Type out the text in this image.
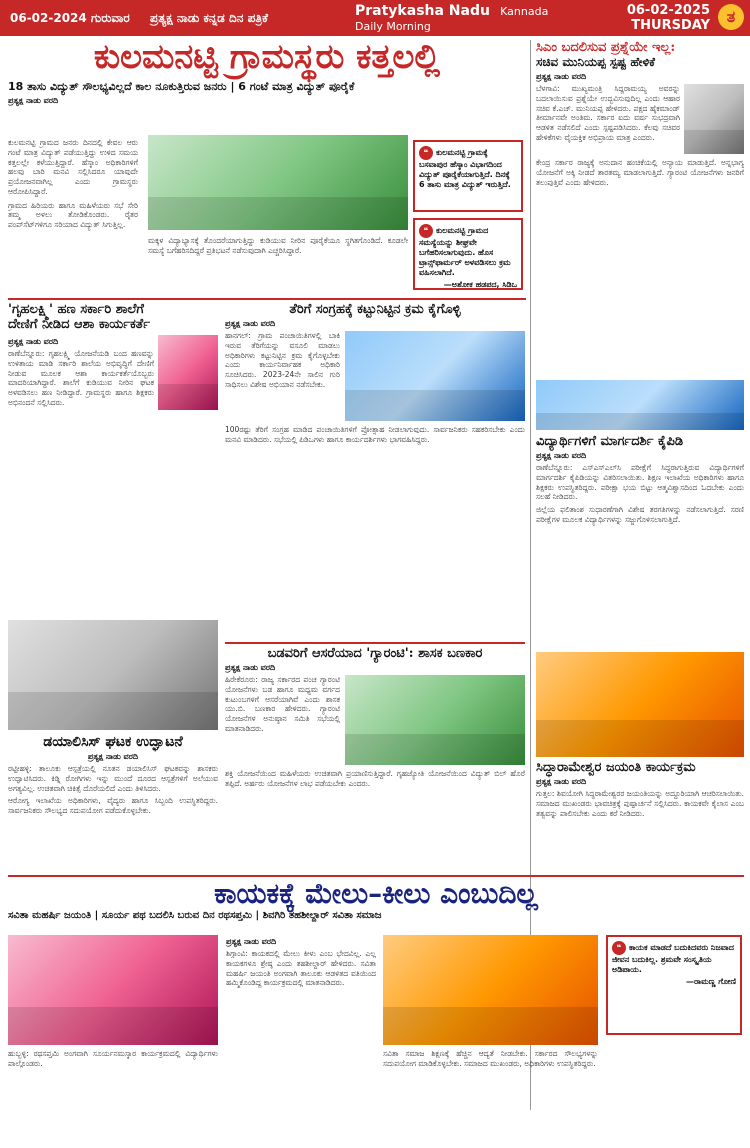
06-02-2024 ಗುರುವಾರ	ಪ್ರತ್ಯಕ್ಷ ನಾಡು ಕನ್ನಡ ದಿನ ಪತ್ರಿಕೆ	Pratykasha Nadu Kannada Daily Morning
06-02-2025 THURSDAY	ತ
ಕುಲಮನಟ್ಟಿ ಗ್ರಾಮಸ್ಥರು ಕತ್ತಲಲ್ಲಿ
18 ತಾಸು ವಿದ್ಯುತ್ ಸೌಲಭ್ಯವಿಲ್ಲದೆ ಕಾಲ ನೂಕುತ್ತಿರುವ ಜನರು | 6 ಗಂಟೆ ಮಾತ್ರ ವಿದ್ಯುತ್ ಪೂರೈಕೆ
ಪ್ರತ್ಯಕ್ಷ ನಾಡು ವರದಿ
ಕುಲಮನಟ್ಟಿ ಗ್ರಾಮದ ಜನರು ದಿನದಲ್ಲಿ ಕೇವಲ ಆರು ಗಂಟೆ ಮಾತ್ರ ವಿದ್ಯುತ್ ಪಡೆಯುತ್ತಿದ್ದು ಉಳಿದ ಸಮಯ ಕತ್ತಲಲ್ಲೇ ಕಳೆಯುತ್ತಿದ್ದಾರೆ. ಹೆಸ್ಕಾಂ ಅಧಿಕಾರಿಗಳಿಗೆ ಹಲವು ಬಾರಿ ಮನವಿ ಸಲ್ಲಿಸಿದರೂ ಯಾವುದೇ ಪ್ರಯೋಜನವಾಗಿಲ್ಲ ಎಂದು ಗ್ರಾಮಸ್ಥರು ಆರೋಪಿಸಿದ್ದಾರೆ.
ಗ್ರಾಮದ ಹಿರಿಯರು ಹಾಗೂ ಮಹಿಳೆಯರು ಸಭೆ ಸೇರಿ ತಮ್ಮ ಅಳಲು ತೋಡಿಕೊಂಡರು. ರೈತರ ಪಂಪ್‌ಸೆಟ್‌ಗಳಿಗೂ ಸರಿಯಾದ ವಿದ್ಯುತ್ ಸಿಗುತ್ತಿಲ್ಲ.
ಮಕ್ಕಳ ವಿದ್ಯಾಭ್ಯಾಸಕ್ಕೆ ತೊಂದರೆಯಾಗುತ್ತಿದ್ದು ಕುಡಿಯುವ ನೀರಿನ ಪೂರೈಕೆಯೂ ಸ್ಥಗಿತಗೊಂಡಿದೆ. ಕೂಡಲೇ ಸಮಸ್ಯೆ ಬಗೆಹರಿಸದಿದ್ದರೆ ಪ್ರತಿಭಟನೆ ನಡೆಸುವುದಾಗಿ ಎಚ್ಚರಿಸಿದ್ದಾರೆ.
❝ ಕುಲಮನಟ್ಟಿ ಗ್ರಾಮಕ್ಕೆ ಬಸವಾಪುರ ಹೆಸ್ಕಾಂ ವಿಭಾಗದಿಂದ ವಿದ್ಯುತ್ ಪೂರೈಕೆಯಾಗುತ್ತಿದೆ. ದಿನಕ್ಕೆ 6 ತಾಸು ಮಾತ್ರ ವಿದ್ಯುತ್ ಇರುತ್ತಿದೆ.
❝ ಕುಲಮನಟ್ಟಿ ಗ್ರಾಮದ ಸಮಸ್ಯೆಯನ್ನು ಶೀಘ್ರವೇ ಬಗೆಹರಿಸಲಾಗುವುದು. ಹೊಸ ಟ್ರಾನ್ಸ್‌ಫಾರ್ಮರ್ ಅಳವಡಿಸಲು ಕ್ರಮ ವಹಿಸಲಾಗಿದೆ.
—ಅಶೋಕ ಹಡಪದ, ಸಿಡಿಒ
ಸಿಎಂ ಬದಲಿಸುವ ಪ್ರಶ್ನೆಯೇ ಇಲ್ಲ:
ಸಚಿವ ಮುನಿಯಪ್ಪ ಸ್ಪಷ್ಟ ಹೇಳಿಕೆ
ಪ್ರತ್ಯಕ್ಷ ನಾಡು ವರದಿ
ಬೆಳಗಾವಿ: ಮುಖ್ಯಮಂತ್ರಿ ಸಿದ್ದರಾಮಯ್ಯ ಅವರನ್ನು ಬದಲಾಯಿಸುವ ಪ್ರಶ್ನೆಯೇ ಉದ್ಭವಿಸುವುದಿಲ್ಲ ಎಂದು ಆಹಾರ ಸಚಿವ ಕೆ.ಎಚ್. ಮುನಿಯಪ್ಪ ಹೇಳಿದರು. ಪಕ್ಷದ ಹೈಕಮಾಂಡ್ ತೀರ್ಮಾನವೇ ಅಂತಿಮ. ಸರ್ಕಾರ ಐದು ವರ್ಷ ಸುಭದ್ರವಾಗಿ ಆಡಳಿತ ನಡೆಸಲಿದೆ ಎಂದು ಸ್ಪಷ್ಟಪಡಿಸಿದರು. ಕೆಲವು ಸಚಿವರ ಹೇಳಿಕೆಗಳು ವೈಯಕ್ತಿಕ ಅಭಿಪ್ರಾಯ ಮಾತ್ರ ಎಂದರು.
ಕೇಂದ್ರ ಸರ್ಕಾರ ರಾಜ್ಯಕ್ಕೆ ಅನುದಾನ ಹಂಚಿಕೆಯಲ್ಲಿ ಅನ್ಯಾಯ ಮಾಡುತ್ತಿದೆ. ಅನ್ನಭಾಗ್ಯ ಯೋಜನೆಗೆ ಅಕ್ಕಿ ನೀಡದೆ ತಾರತಮ್ಯ ಮಾಡಲಾಗುತ್ತಿದೆ. ಗ್ಯಾರಂಟಿ ಯೋಜನೆಗಳು ಜನರಿಗೆ ತಲುಪುತ್ತಿವೆ ಎಂದು ಹೇಳಿದರು.
ವಿದ್ಯಾರ್ಥಿಗಳಿಗೆ ಮಾರ್ಗದರ್ಶಿ ಕೈಪಿಡಿ
ಪ್ರತ್ಯಕ್ಷ ನಾಡು ವರದಿ
ರಾಣೆಬೆನ್ನೂರು: ಎಸ್ಎಸ್ಎಲ್‌ಸಿ ಪರೀಕ್ಷೆಗೆ ಸಿದ್ಧರಾಗುತ್ತಿರುವ ವಿದ್ಯಾರ್ಥಿಗಳಿಗೆ ಮಾರ್ಗದರ್ಶಿ ಕೈಪಿಡಿಯನ್ನು ವಿತರಿಸಲಾಯಿತು. ಶಿಕ್ಷಣ ಇಲಾಖೆಯ ಅಧಿಕಾರಿಗಳು ಹಾಗೂ ಶಿಕ್ಷಕರು ಉಪಸ್ಥಿತರಿದ್ದರು. ಪರೀಕ್ಷಾ ಭಯ ಬಿಟ್ಟು ಆತ್ಮವಿಶ್ವಾಸದಿಂದ ಓದಬೇಕು ಎಂದು ಸಲಹೆ ನೀಡಿದರು.
ಜಿಲ್ಲೆಯ ಫಲಿತಾಂಶ ಸುಧಾರಣೆಗಾಗಿ ವಿಶೇಷ ತರಗತಿಗಳನ್ನು ನಡೆಸಲಾಗುತ್ತಿದೆ. ಸರಣಿ ಪರೀಕ್ಷೆಗಳ ಮೂಲಕ ವಿದ್ಯಾರ್ಥಿಗಳನ್ನು ಸಜ್ಜುಗೊಳಿಸಲಾಗುತ್ತಿದೆ.
ಸಿದ್ಧಾರಾಮೇಶ್ವರ ಜಯಂತಿ ಕಾರ್ಯಕ್ರಮ
ಪ್ರತ್ಯಕ್ಷ ನಾಡು ವರದಿ
ಗುತ್ತಲ: ಶಿವಯೋಗಿ ಸಿದ್ಧರಾಮೇಶ್ವರರ ಜಯಂತಿಯನ್ನು ಅದ್ದೂರಿಯಾಗಿ ಆಚರಿಸಲಾಯಿತು. ಸಮಾಜದ ಮುಖಂಡರು ಭಾವಚಿತ್ರಕ್ಕೆ ಪುಷ್ಪಾರ್ಚನೆ ಸಲ್ಲಿಸಿದರು. ಕಾಯಕವೇ ಕೈಲಾಸ ಎಂಬ ತತ್ವವನ್ನು ಪಾಲಿಸಬೇಕು ಎಂದು ಕರೆ ನೀಡಿದರು.
'ಗೃಹಲಕ್ಷ್ಮಿ' ಹಣ ಸರ್ಕಾರಿ ಶಾಲೆಗೆ
ದೇಣಿಗೆ ನೀಡಿದ ಆಶಾ ಕಾರ್ಯಕರ್ತೆ
ಪ್ರತ್ಯಕ್ಷ ನಾಡು ವರದಿ
ರಾಣೆಬೆನ್ನೂರು: ಗೃಹಲಕ್ಷ್ಮಿ ಯೋಜನೆಯಡಿ ಬಂದ ಹಣವನ್ನು ಉಳಿತಾಯ ಮಾಡಿ ಸರ್ಕಾರಿ ಶಾಲೆಯ ಅಭಿವೃದ್ಧಿಗೆ ದೇಣಿಗೆ ನೀಡುವ ಮೂಲಕ ಆಶಾ ಕಾರ್ಯಕರ್ತೆಯೊಬ್ಬರು ಮಾದರಿಯಾಗಿದ್ದಾರೆ. ಶಾಲೆಗೆ ಕುಡಿಯುವ ನೀರಿನ ಘಟಕ ಅಳವಡಿಸಲು ಹಣ ನೀಡಿದ್ದಾರೆ. ಗ್ರಾಮಸ್ಥರು ಹಾಗೂ ಶಿಕ್ಷಕರು ಅಭಿನಂದನೆ ಸಲ್ಲಿಸಿದರು.
ತೆರಿಗೆ ಸಂಗ್ರಹಕ್ಕೆ ಕಟ್ಟುನಿಟ್ಟಿನ ಕ್ರಮ ಕೈಗೊಳ್ಳಿ
ಪ್ರತ್ಯಕ್ಷ ನಾಡು ವರದಿ
ಹಾನಗಲ್: ಗ್ರಾಮ ಪಂಚಾಯಿತಿಗಳಲ್ಲಿ ಬಾಕಿ ಇರುವ ತೆರಿಗೆಯನ್ನು ವಸೂಲಿ ಮಾಡಲು ಅಧಿಕಾರಿಗಳು ಕಟ್ಟುನಿಟ್ಟಿನ ಕ್ರಮ ಕೈಗೊಳ್ಳಬೇಕು ಎಂದು ಕಾರ್ಯನಿರ್ವಾಹಕ ಅಧಿಕಾರಿ ಸೂಚಿಸಿದರು. 2023-24ನೇ ಸಾಲಿನ ಗುರಿ ಸಾಧಿಸಲು ವಿಶೇಷ ಅಭಿಯಾನ ನಡೆಸಬೇಕು.
100ರಷ್ಟು ತೆರಿಗೆ ಸಂಗ್ರಹ ಮಾಡಿದ ಪಂಚಾಯಿತಿಗಳಿಗೆ ಪ್ರೋತ್ಸಾಹ ನೀಡಲಾಗುವುದು. ಸಾರ್ವಜನಿಕರು ಸಹಕರಿಸಬೇಕು ಎಂದು ಮನವಿ ಮಾಡಿದರು. ಸಭೆಯಲ್ಲಿ ಪಿಡಿಒಗಳು ಹಾಗೂ ಕಾರ್ಯದರ್ಶಿಗಳು ಭಾಗವಹಿಸಿದ್ದರು.
ಡಯಾಲಿಸಿಸ್ ಘಟಕ ಉದ್ಘಾಟನೆ
ಪ್ರತ್ಯಕ್ಷ ನಾಡು ವರದಿ
ರಟ್ಟೀಹಳ್ಳಿ: ತಾಲೂಕು ಆಸ್ಪತ್ರೆಯಲ್ಲಿ ನೂತನ ಡಯಾಲಿಸಿಸ್ ಘಟಕವನ್ನು ಶಾಸಕರು ಉದ್ಘಾಟಿಸಿದರು. ಕಿಡ್ನಿ ರೋಗಿಗಳು ಇನ್ನು ಮುಂದೆ ದೂರದ ಆಸ್ಪತ್ರೆಗಳಿಗೆ ಅಲೆಯುವ ಅಗತ್ಯವಿಲ್ಲ. ಉಚಿತವಾಗಿ ಚಿಕಿತ್ಸೆ ದೊರೆಯಲಿದೆ ಎಂದು ತಿಳಿಸಿದರು.
ಆರೋಗ್ಯ ಇಲಾಖೆಯ ಅಧಿಕಾರಿಗಳು, ವೈದ್ಯರು ಹಾಗೂ ಸಿಬ್ಬಂದಿ ಉಪಸ್ಥಿತರಿದ್ದರು. ಸಾರ್ವಜನಿಕರು ಸೌಲಭ್ಯದ ಸದುಪಯೋಗ ಪಡೆದುಕೊಳ್ಳಬೇಕು.
ಬಡವರಿಗೆ ಆಸರೆಯಾದ 'ಗ್ಯಾರಂಟಿ': ಶಾಸಕ ಬಣಕಾರ
ಪ್ರತ್ಯಕ್ಷ ನಾಡು ವರದಿ
ಹಿರೇಕೆರೂರು: ರಾಜ್ಯ ಸರ್ಕಾರದ ಪಂಚ ಗ್ಯಾರಂಟಿ ಯೋಜನೆಗಳು ಬಡ ಹಾಗೂ ಮಧ್ಯಮ ವರ್ಗದ ಕುಟುಂಬಗಳಿಗೆ ಆಸರೆಯಾಗಿವೆ ಎಂದು ಶಾಸಕ ಯು.ಬಿ. ಬಣಕಾರ ಹೇಳಿದರು. ಗ್ಯಾರಂಟಿ ಯೋಜನೆಗಳ ಅನುಷ್ಠಾನ ಸಮಿತಿ ಸಭೆಯಲ್ಲಿ ಮಾತನಾಡಿದರು.
ಶಕ್ತಿ ಯೋಜನೆಯಿಂದ ಮಹಿಳೆಯರು ಉಚಿತವಾಗಿ ಪ್ರಯಾಣಿಸುತ್ತಿದ್ದಾರೆ. ಗೃಹಜ್ಯೋತಿ ಯೋಜನೆಯಿಂದ ವಿದ್ಯುತ್ ಬಿಲ್ ಹೊರೆ ತಪ್ಪಿದೆ. ಅರ್ಹರು ಯೋಜನೆಗಳ ಲಾಭ ಪಡೆಯಬೇಕು ಎಂದರು.
ಕಾಯಕಕ್ಕೆ ಮೇಲು–ಕೀಲು ಎಂಬುದಿಲ್ಲ
ಸವಿತಾ ಮಹರ್ಷಿ ಜಯಂತಿ | ಸೂರ್ಯ ಪಥ ಬದಲಿಸಿ ಬರುವ ದಿನ ರಥಸಪ್ತಮಿ | ಶಿವಗಿರಿ ತಹಶೀಲ್ದಾರ್ ಸವಿತಾ ಸಮಾಜ
ಹುಬ್ಬಳ್ಳಿ: ರಥಸಪ್ತಮಿ ಅಂಗವಾಗಿ ಸೂರ್ಯನಮಸ್ಕಾರ ಕಾರ್ಯಕ್ರಮದಲ್ಲಿ ವಿದ್ಯಾರ್ಥಿಗಳು ಪಾಲ್ಗೊಂಡರು.
ಪ್ರತ್ಯಕ್ಷ ನಾಡು ವರದಿ
ಶಿಗ್ಗಾಂವಿ: ಕಾಯಕದಲ್ಲಿ ಮೇಲು ಕೀಳು ಎಂಬ ಭೇದವಿಲ್ಲ. ಎಲ್ಲ ಕಾಯಕಗಳೂ ಶ್ರೇಷ್ಠ ಎಂದು ತಹಶೀಲ್ದಾರ್ ಹೇಳಿದರು. ಸವಿತಾ ಮಹರ್ಷಿ ಜಯಂತಿ ಅಂಗವಾಗಿ ತಾಲೂಕು ಆಡಳಿತದ ವತಿಯಿಂದ ಹಮ್ಮಿಕೊಂಡಿದ್ದ ಕಾರ್ಯಕ್ರಮದಲ್ಲಿ ಮಾತನಾಡಿದರು.
ಸವಿತಾ ಸಮಾಜ ಶಿಕ್ಷಣಕ್ಕೆ ಹೆಚ್ಚಿನ ಆದ್ಯತೆ ನೀಡಬೇಕು. ಸರ್ಕಾರದ ಸೌಲಭ್ಯಗಳನ್ನು ಸದುಪಯೋಗ ಮಾಡಿಕೊಳ್ಳಬೇಕು. ಸಮಾಜದ ಮುಖಂಡರು, ಅಧಿಕಾರಿಗಳು ಉಪಸ್ಥಿತರಿದ್ದರು.
❝ ಕಾಯಕ ಮಾಡದೆ ಬದುಕಿದವರು ನಿಜವಾದ ಜೀವನ ಬದುಕಿಲ್ಲ. ಶ್ರಮವೇ ಸಂಸ್ಕೃತಿಯ ಅಡಿಪಾಯ.
—ರಾಮಣ್ಣ ಗೋಣಿ
